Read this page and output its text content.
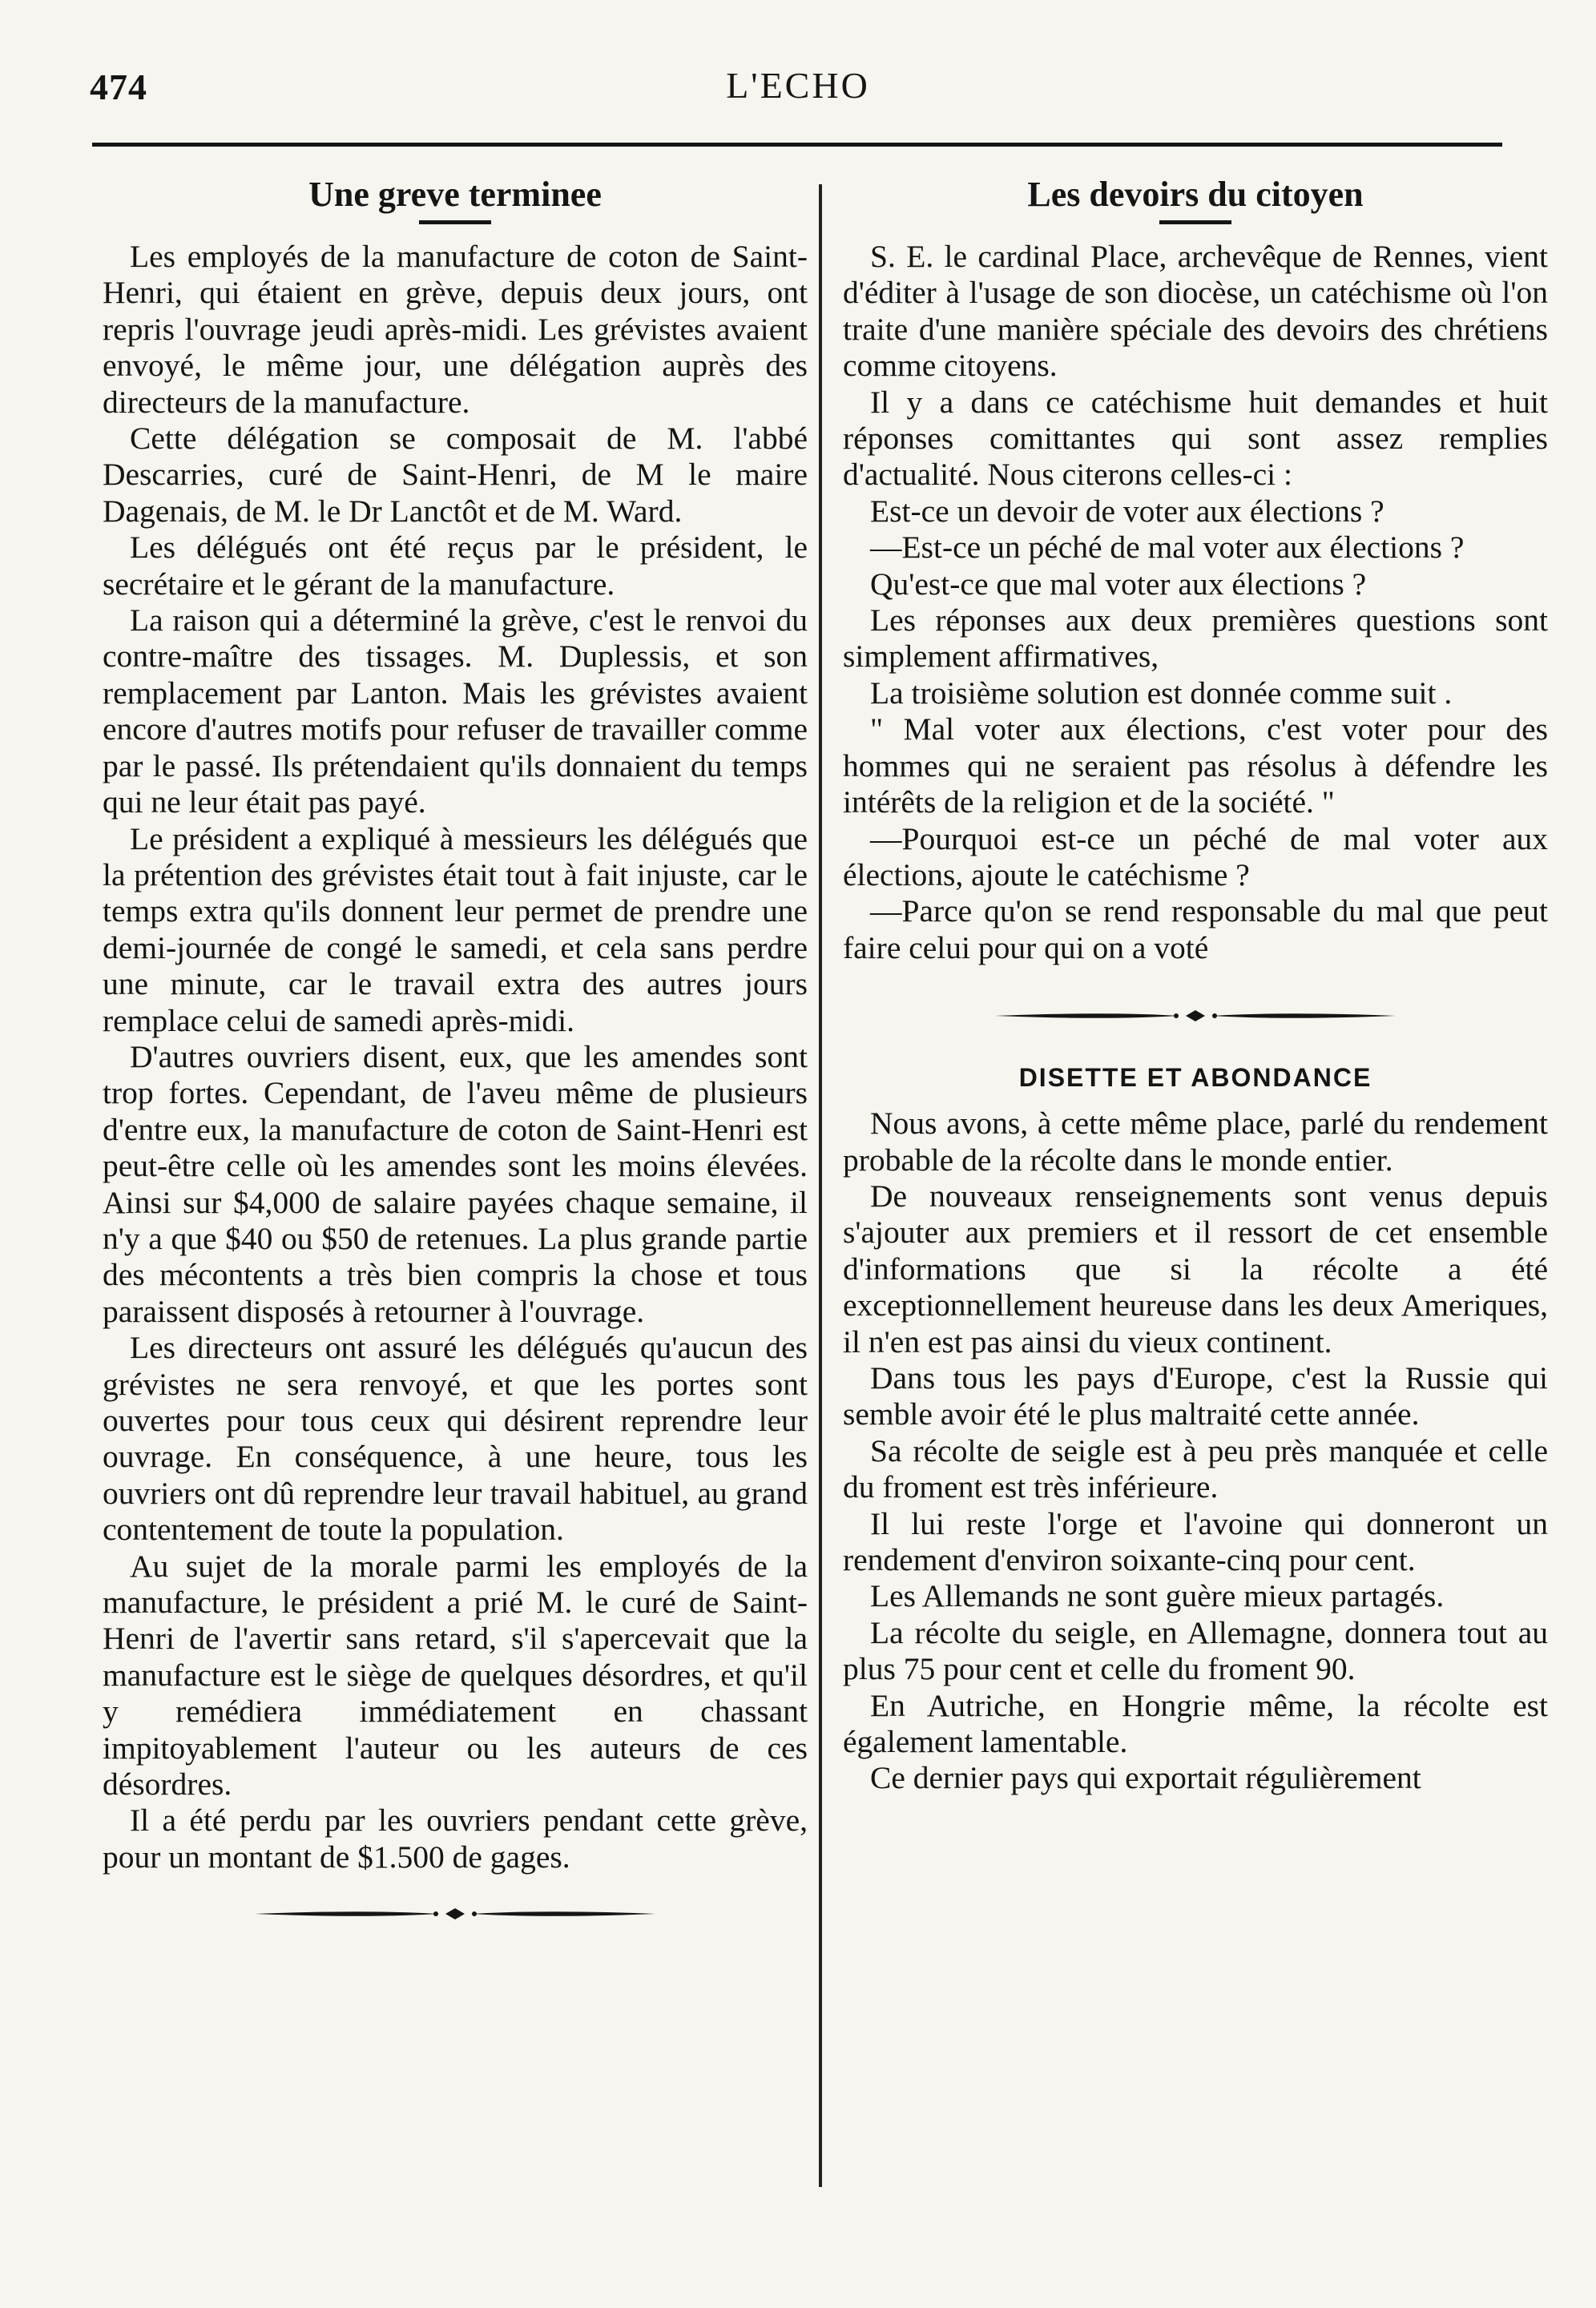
474	L'ECHO
Une greve terminee

Les employés de la manufacture de coton de Saint-Henri, qui étaient en grève, depuis deux jours, ont repris l'ouvrage jeudi après-midi. Les grévistes avaient envoyé, le même jour, une délégation auprès des directeurs de la manufacture.

Cette délégation se composait de M. l'abbé Descarries, curé de Saint-Henri, de M le maire Dagenais, de M. le Dr Lanctôt et de M. Ward.

Les délégués ont été reçus par le président, le secrétaire et le gérant de la manufacture.

La raison qui a déterminé la grève, c'est le renvoi du contre-maître des tissages. M. Duplessis, et son remplacement par Lanton. Mais les grévistes avaient encore d'autres motifs pour refuser de travailler comme par le passé. Ils prétendaient qu'ils donnaient du temps qui ne leur était pas payé.

Le président a expliqué à messieurs les délégués que la prétention des grévistes était tout à fait injuste, car le temps extra qu'ils donnent leur permet de prendre une demi-journée de congé le samedi, et cela sans perdre une minute, car le travail extra des autres jours remplace celui de samedi après-midi.

D'autres ouvriers disent, eux, que les amendes sont trop fortes. Cependant, de l'aveu même de plusieurs d'entre eux, la manufacture de coton de Saint-Henri est peut-être celle où les amendes sont les moins élevées. Ainsi sur $4,000 de salaire payées chaque semaine, il n'y a que $40 ou $50 de retenues. La plus grande partie des mécontents a très bien compris la chose et tous paraissent disposés à retourner à l'ouvrage.

Les directeurs ont assuré les délégués qu'aucun des grévistes ne sera renvoyé, et que les portes sont ouvertes pour tous ceux qui désirent reprendre leur ouvrage. En conséquence, à une heure, tous les ouvriers ont dû reprendre leur travail habituel, au grand contentement de toute la population.

Au sujet de la morale parmi les employés de la manufacture, le président a prié M. le curé de Saint-Henri de l'avertir sans retard, s'il s'apercevait que la manufacture est le siège de quelques désordres, et qu'il y remédiera immédiatement en chassant impitoyablement l'auteur ou les auteurs de ces désordres.

Il a été perdu par les ouvriers pendant cette grève, pour un montant de $1.500 de gages.

Les devoirs du citoyen

S. E. le cardinal Place, archevêque de Rennes, vient d'éditer à l'usage de son diocèse, un catéchisme où l'on traite d'une manière spéciale des devoirs des chrétiens comme citoyens.

Il y a dans ce catéchisme huit demandes et huit réponses comittantes qui sont assez remplies d'actualité. Nous citerons celles-ci :

Est-ce un devoir de voter aux élections ?

—Est-ce un péché de mal voter aux élections ?

Qu'est-ce que mal voter aux élections ?

Les réponses aux deux premières questions sont simplement affirmatives,

La troisième solution est donnée comme suit .

" Mal voter aux élections, c'est voter pour des hommes qui ne seraient pas résolus à défendre les intérêts de la religion et de la société. "

—Pourquoi est-ce un péché de mal voter aux élections, ajoute le catéchisme ?

—Parce qu'on se rend responsable du mal que peut faire celui pour qui on a voté

DISETTE ET ABONDANCE

Nous avons, à cette même place, parlé du rendement probable de la récolte dans le monde entier.

De nouveaux renseignements sont venus depuis s'ajouter aux premiers et il ressort de cet ensemble d'informations que si la récolte a été exceptionnellement heureuse dans les deux Ameriques, il n'en est pas ainsi du vieux continent.

Dans tous les pays d'Europe, c'est la Russie qui semble avoir été le plus maltraité cette année.

Sa récolte de seigle est à peu près manquée et celle du froment est très inférieure.

Il lui reste l'orge et l'avoine qui donneront un rendement d'environ soixante-cinq pour cent.

Les Allemands ne sont guère mieux partagés.

La récolte du seigle, en Allemagne, donnera tout au plus 75 pour cent et celle du froment 90.

En Autriche, en Hongrie même, la récolte est également lamentable.

Ce dernier pays qui exportait régulièrement
